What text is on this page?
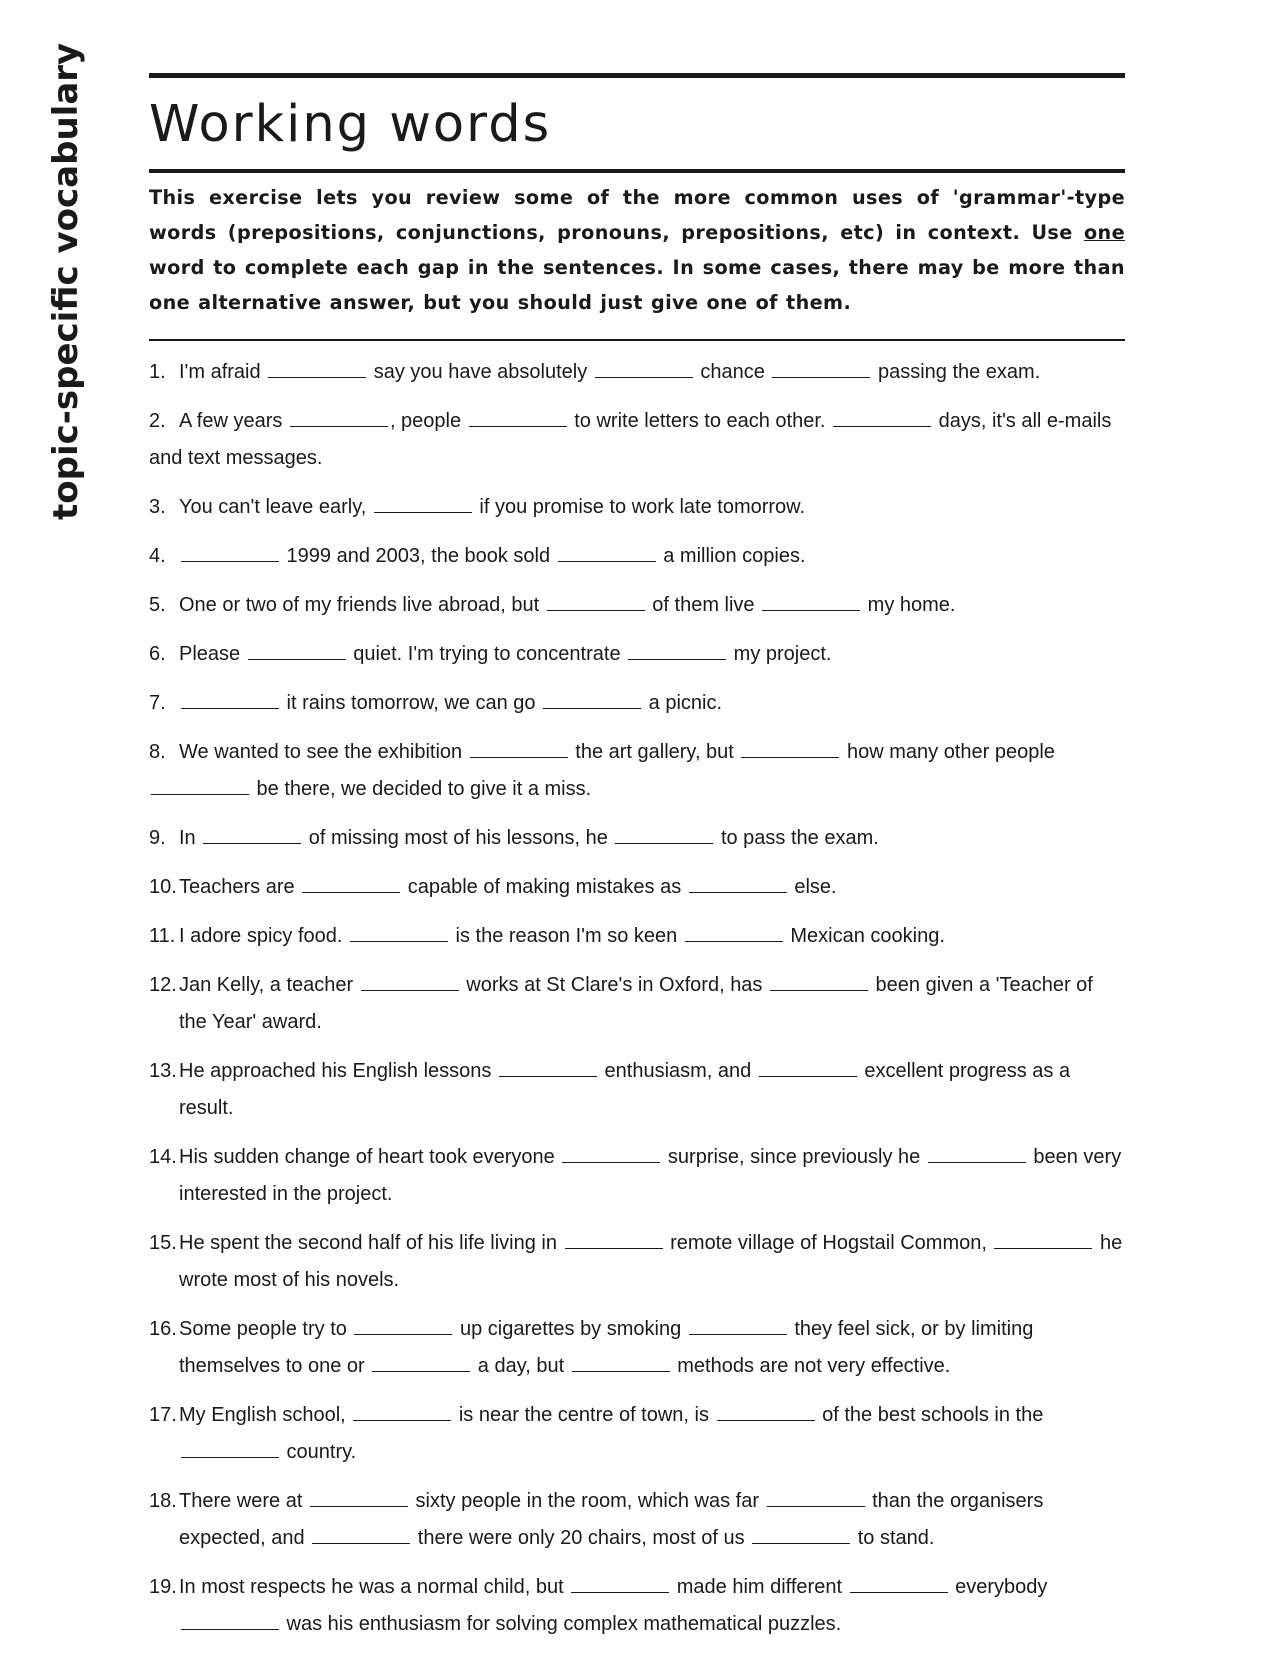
topic-specific vocabulary Working words

This exercise lets you review some of the more common uses of 'grammar'-type words (prepositions, conjunctions, pronouns, prepositions, etc) in context. Use one word to complete each gap in the sentences. In some cases, there may be more than one alternative answer, but you should just give one of them.

1. I'm afraid	say you have absolutely	chance	passing the exam.
2. A few years	, people	to write letters to each other.	days, it's all e-mails and text messages.
3. You can't leave early,	if you promise to work late tomorrow.
4.	1999 and 2003, the book sold	a million copies.
5. One or two of my friends live abroad, but	of them live	my home.
6. Please	quiet. I'm trying to concentrate	my project.
7.	it rains tomorrow, we can go	a picnic.
8. We wanted to see the exhibition	the art gallery, but	how many other people  be there, we decided to give it a miss.
9. In	of missing most of his lessons, he	to pass the exam.
10. Teachers are	capable of making mistakes as	else.
11. I adore spicy food.	is the reason I'm so keen	Mexican cooking.
12. Jan Kelly, a teacher	works at St Clare's in Oxford, has	been given a 'Teacher of the Year' award.
13. He approached his English lessons	enthusiasm, and	excellent progress as a result.
14. His sudden change of heart took everyone	surprise, since previously he	been very interested in the project.
15. He spent the second half of his life living in	remote village of Hogstail Common,	he wrote most of his novels.
16. Some people try to	up cigarettes by smoking	they feel sick, or by limiting themselves to one or	a day, but	methods are not very effective.
17. My English school,	is near the centre of town, is	of the best schools in the  country.
18. There were at	sixty people in the room, which was far	than the organisers expected, and	there were only 20 chairs, most of us	to stand.
19. In most respects he was a normal child, but	made him different	everybody  was his enthusiasm for solving complex mathematical puzzles.
